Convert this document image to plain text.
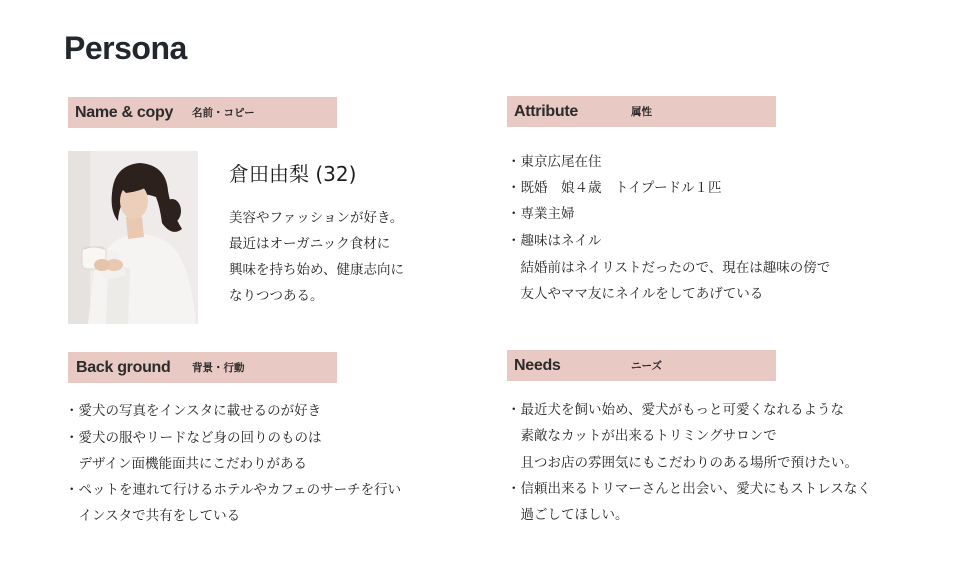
Persona
Name & copy 名前・コピー
倉田由梨 (32)
美容やファッションが好き。
最近はオーガニック食材に
興味を持ち始め、健康志向に
なりつつある。
Attribute	属性
・東京広尾在住
・既婚　娘４歳　トイプードル１匹
・専業主婦
・趣味はネイル
　結婚前はネイリストだったので、現在は趣味の傍で
　友人やママ友にネイルをしてあげている
Back ground 背景・行動
・愛犬の写真をインスタに載せるのが好き
・愛犬の服やリードなど身の回りのものは
　デザイン面機能面共にこだわりがある
・ペットを連れて行けるホテルやカフェのサーチを行い
　インスタで共有をしている
Needs	ニーズ
・最近犬を飼い始め、愛犬がもっと可愛くなれるような
　素敵なカットが出来るトリミングサロンで
　且つお店の雰囲気にもこだわりのある場所で預けたい。
・信頼出来るトリマーさんと出会い、愛犬にもストレスなく
　過ごしてほしい。
